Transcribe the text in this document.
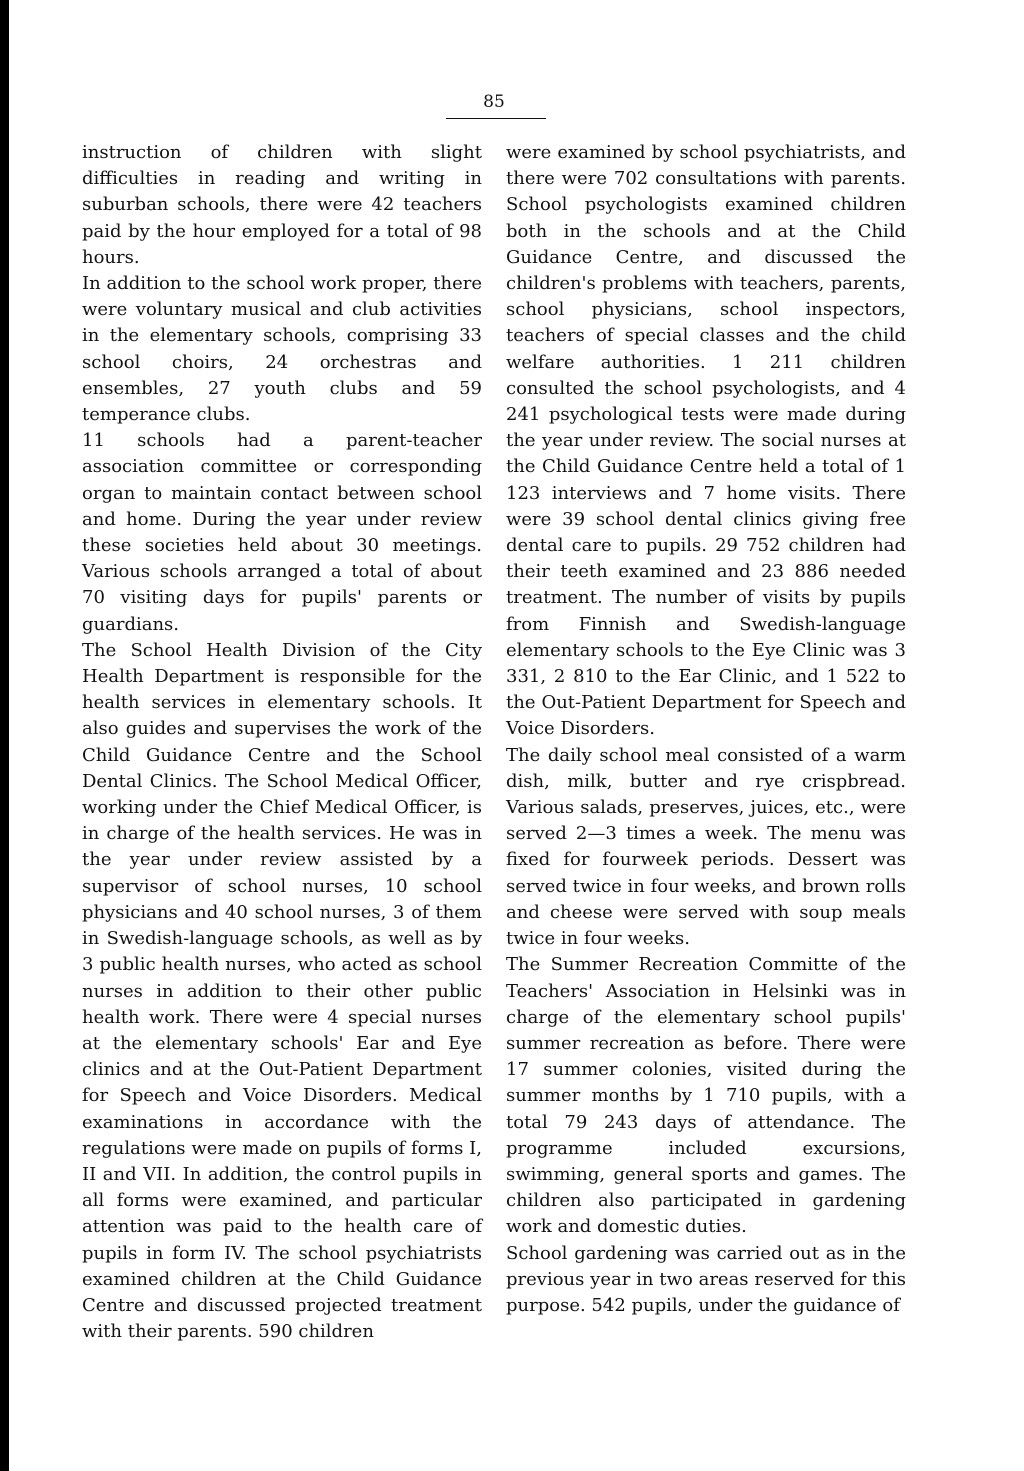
85

instruction of children with slight difficulties in reading and writing in suburban schools, there were 42 teachers paid by the hour employed for a total of 98 hours.

In addition to the school work proper, there were voluntary musical and club activities in the elementary schools, comprising 33 school choirs, 24 orchestras and ensembles, 27 youth clubs and 59 temperance clubs.

11 schools had a parent-teacher association committee or corresponding organ to maintain contact between school and home. During the year under review these societies held about 30 meetings. Various schools arranged a total of about 70 visiting days for pupils' parents or guardians.

The School Health Division of the City Health Department is responsible for the health services in elementary schools. It also guides and supervises the work of the Child Guidance Centre and the School Dental Clinics. The School Medical Officer, working under the Chief Medical Officer, is in charge of the health services. He was in the year under review assisted by a supervisor of school nurses, 10 school physicians and 40 school nurses, 3 of them in Swedish-language schools, as well as by 3 public health nurses, who acted as school nurses in addition to their other public health work. There were 4 special nurses at the elementary schools' Ear and Eye clinics and at the Out-Patient Department for Speech and Voice Disorders. Medical examinations in accordance with the regulations were made on pupils of forms I, II and VII. In addition, the control pupils in all forms were examined, and particular attention was paid to the health care of pupils in form IV. The school psychiatrists examined children at the Child Guidance Centre and discussed projected treatment with their parents. 590 children

were examined by school psychiatrists, and there were 702 consultations with parents. School psychologists examined children both in the schools and at the Child Guidance Centre, and discussed the children's problems with teachers, parents, school physicians, school inspectors, teachers of special classes and the child welfare authorities. 1 211 children consulted the school psychologists, and 4 241 psychological tests were made during the year under review. The social nurses at the Child Guidance Centre held a total of 1 123 interviews and 7 home visits. There were 39 school dental clinics giving free dental care to pupils. 29 752 children had their teeth examined and 23 886 needed treatment. The number of visits by pupils from Finnish and Swedish-language elementary schools to the Eye Clinic was 3 331, 2 810 to the Ear Clinic, and 1 522 to the Out-Patient Department for Speech and Voice Disorders.

The daily school meal consisted of a warm dish, milk, butter and rye crispbread. Various salads, preserves, juices, etc., were served 2—3 times a week. The menu was fixed for fourweek periods. Dessert was served twice in four weeks, and brown rolls and cheese were served with soup meals twice in four weeks.

The Summer Recreation Committe of the Teachers' Association in Helsinki was in charge of the elementary school pupils' summer recreation as before. There were 17 summer colonies, visited during the summer months by 1 710 pupils, with a total 79 243 days of attendance. The programme included excursions, swimming, general sports and games. The children also participated in gardening work and domestic duties.

School gardening was carried out as in the previous year in two areas reserved for this purpose. 542 pupils, under the guidance of
